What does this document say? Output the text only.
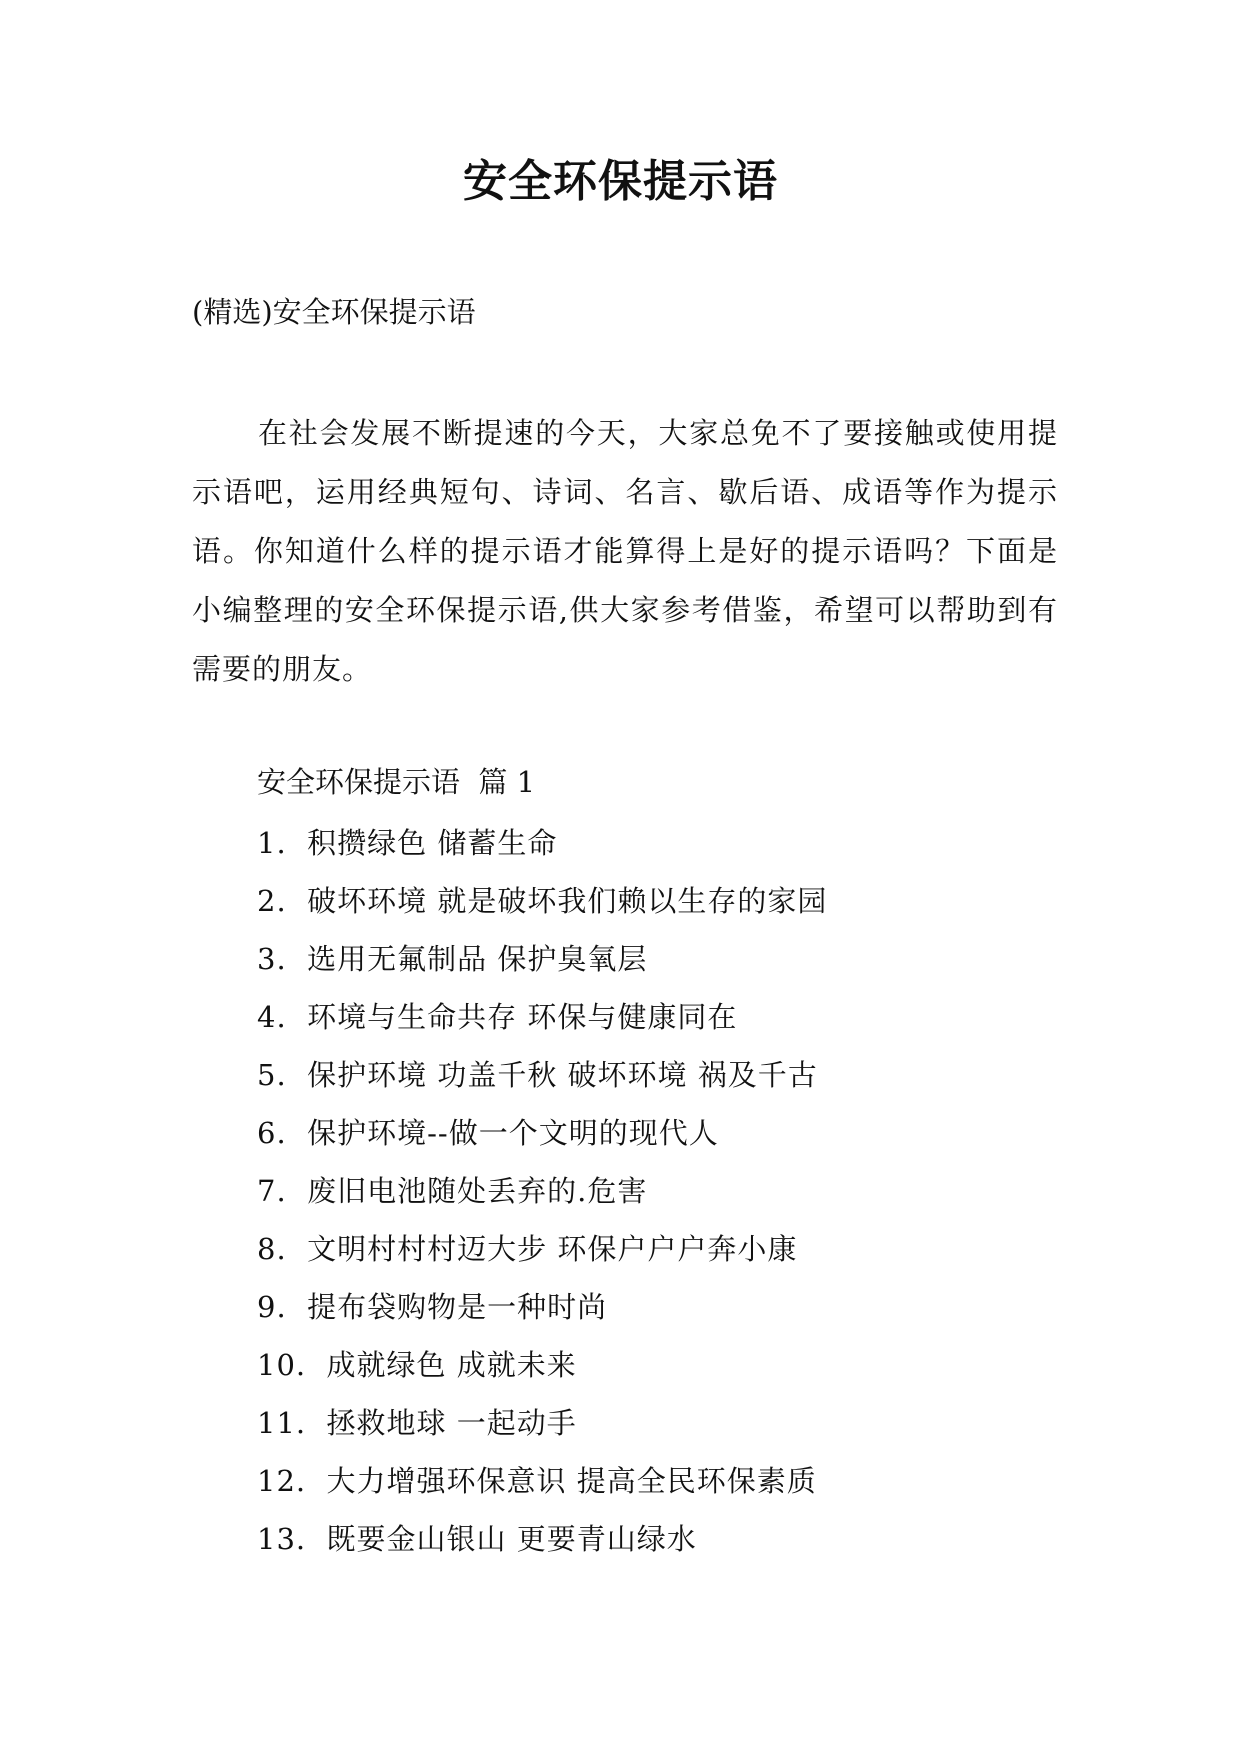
安全环保提示语
(精选)安全环保提示语

在社会发展不断提速的今天，大家总免不了要接触或使用提示语吧，运用经典短句、诗词、名言、歇后语、成语等作为提示语。你知道什么样的提示语才能算得上是好的提示语吗？下面是小编整理的安全环保提示语,供大家参考借鉴，希望可以帮助到有需要的朋友。

安全环保提示语  篇 1
1.  积攒绿色 储蓄生命
2.  破坏环境 就是破坏我们赖以生存的家园
3.  选用无氟制品 保护臭氧层
4.  环境与生命共存 环保与健康同在
5.  保护环境 功盖千秋 破坏环境 祸及千古
6.  保护环境--做一个文明的现代人
7.  废旧电池随处丢弃的.危害
8.  文明村村村迈大步 环保户户户奔小康
9.  提布袋购物是一种时尚
10.  成就绿色 成就未来
11.  拯救地球 一起动手
12.  大力增强环保意识 提高全民环保素质
13.  既要金山银山 更要青山绿水
